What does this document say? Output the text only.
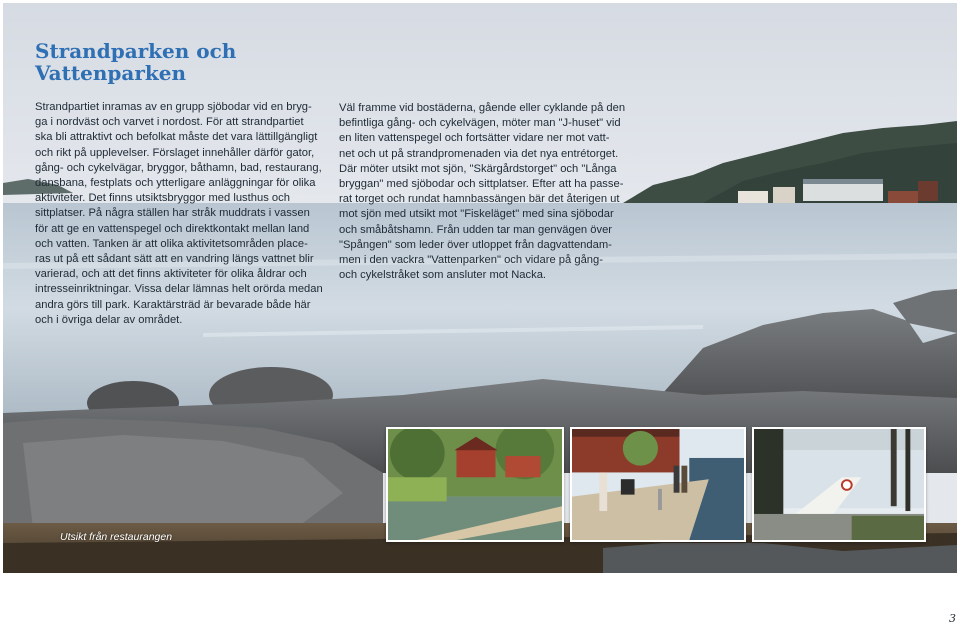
Strandparken och
Vattenparken

Strandpartiet inramas av en grupp sjöbodar vid en bryg-
ga i nordväst och varvet i nordost. För att strandpartiet
ska bli attraktivt och befolkat måste det vara lättillgängligt
och rikt på upplevelser. Förslaget innehåller därför gator,
gång- och cykelvägar, bryggor, båthamn, bad, restaurang,
dansbana, festplats och ytterligare anläggningar för olika
aktiviteter. Det finns utsiktsbryggor med lusthus och
sittplatser. På några ställen har stråk muddrats i vassen
för att ge en vattenspegel och direktkontakt mellan land
och vatten. Tanken är att olika aktivitetsområden place-
ras ut på ett sådant sätt att en vandring längs vattnet blir
varierad, och att det finns aktiviteter för olika åldrar och
intresseinriktningar. Vissa delar lämnas helt orörda medan
andra görs till park. Karaktärsträd är bevarade både här
och i övriga delar av området.

Väl framme vid bostäderna, gående eller cyklande på den
befintliga gång- och cykelvägen, möter man "J-huset" vid
en liten vattenspegel och fortsätter vidare ner mot vatt-
net och ut på strandpromenaden via det nya entrétorget.
Där möter utsikt mot sjön, "Skärgårdstorget" och "Långa
bryggan" med sjöbodar och sittplatser. Efter att ha passe-
rat torget och rundat hamnbassängen bär det återigen ut
mot sjön med utsikt mot "Fiskeläget" med sina sjöbodar
och småbåtshamn. Från udden tar man genvägen över
"Spången" som leder över utloppet från dagvattendam-
men i den vackra "Vattenparken" och vidare på gång-
och cykelstråket som ansluter mot Nacka.

Utsikt från restaurangen

3
